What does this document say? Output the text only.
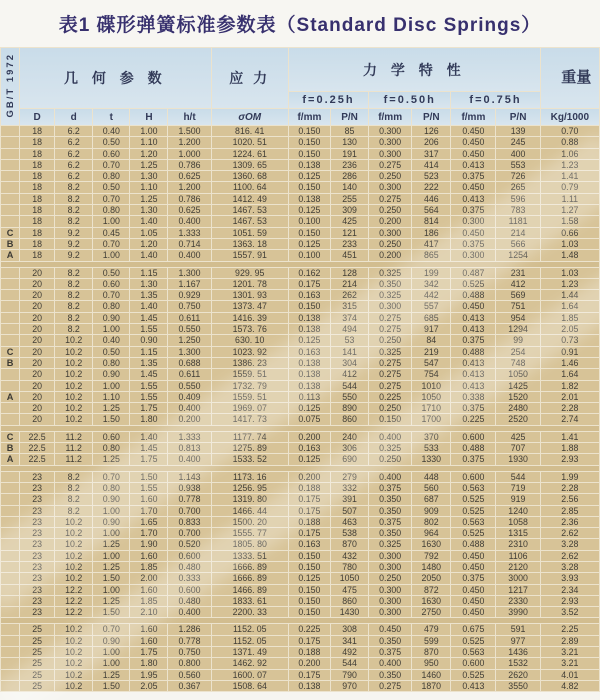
表1 碟形弹簧标准参数表（Standard Disc Springs）
GB/T 1972	几 何 参 数					应 力	力 学 特 性						重量
							f=0.25h		f=0.50h		f=0.75h		
	D	d	t	H	h/t	σOM	f/mm	P/N	f/mm	P/N	f/mm	P/N	Kg/1000
	18	6.2	0.40	1.00	1.500	816. 41	0.150	85	0.300	126	0.450	139	0.70
	18	6.2	0.50	1.10	1.200	1020. 51	0.150	130	0.300	206	0.450	245	0.88
	18	6.2	0.60	1.20	1.000	1224. 61	0.150	191	0.300	317	0.450	400	1.06
	18	6.2	0.70	1.25	0.786	1309. 65	0.138	236	0.275	414	0.413	553	1.23
	18	6.2	0.80	1.30	0.625	1360. 68	0.125	286	0.250	523	0.375	726	1.41
	18	8.2	0.50	1.10	1.200	1100. 64	0.150	140	0.300	222	0.450	265	0.79
	18	8.2	0.70	1.25	0.786	1412. 49	0.138	255	0.275	446	0.413	596	1.11
	18	8.2	0.80	1.30	0.625	1467. 53	0.125	309	0.250	564	0.375	783	1.27
	18	8.2	1.00	1.40	0.400	1467. 53	0.100	425	0.200	814	0.300	1181	1.58
C	18	9.2	0.45	1.05	1.333	1051. 59	0.150	121	0.300	186	0.450	214	0.66
B	18	9.2	0.70	1.20	0.714	1363. 18	0.125	233	0.250	417	0.375	566	1.03
A	18	9.2	1.00	1.40	0.400	1557. 91	0.100	451	0.200	865	0.300	1254	1.48

	20	8.2	0.50	1.15	1.300	929. 95	0.162	128	0.325	199	0.487	231	1.03
	20	8.2	0.60	1.30	1.167	1201. 78	0.175	214	0.350	342	0.525	412	1.23
	20	8.2	0.70	1.35	0.929	1301. 93	0.163	262	0.325	442	0.488	569	1.44
	20	8.2	0.80	1.40	0.750	1373. 47	0.150	315	0.300	557	0.450	751	1.64
	20	8.2	0.90	1.45	0.611	1416. 39	0.138	374	0.275	685	0.413	954	1.85
	20	8.2	1.00	1.55	0.550	1573. 76	0.138	494	0.275	917	0.413	1294	2.05
	20	10.2	0.40	0.90	1.250	630. 10	0.125	53	0.250	84	0.375	99	0.73
C	20	10.2	0.50	1.15	1.300	1023. 92	0.163	141	0.325	219	0.488	254	0.91
B	20	10.2	0.80	1.35	0.688	1386. 23	0.138	304	0.275	547	0.413	748	1.46
	20	10.2	0.90	1.45	0.611	1559. 51	0.138	412	0.275	754	0.413	1050	1.64
	20	10.2	1.00	1.55	0.550	1732. 79	0.138	544	0.275	1010	0.413	1425	1.82
A	20	10.2	1.10	1.55	0.409	1559. 51	0.113	550	0.225	1050	0.338	1520	2.01
	20	10.2	1.25	1.75	0.400	1969. 07	0.125	890	0.250	1710	0.375	2480	2.28
	20	10.2	1.50	1.80	0.200	1417. 73	0.075	860	0.150	1700	0.225	2520	2.74

C	22.5	11.2	0.60	1.40	1.333	1177. 74	0.200	240	0.400	370	0.600	425	1.41
B	22.5	11.2	0.80	1.45	0.813	1275. 89	0.163	306	0.325	533	0.488	707	1.88
A	22.5	11.2	1.25	1.75	0.400	1533. 52	0.125	690	0.250	1330	0.375	1930	2.93

	23	8.2	0.70	1.50	1.143	1173. 16	0.200	279	0.400	448	0.600	544	1.99
	23	8.2	0.80	1.55	0.938	1256. 95	0.188	332	0.375	560	0.563	719	2.28
	23	8.2	0.90	1.60	0.778	1319. 80	0.175	391	0.350	687	0.525	919	2.56
	23	8.2	1.00	1.70	0.700	1466. 44	0.175	507	0.350	909	0.525	1240	2.85
	23	10.2	0.90	1.65	0.833	1500. 20	0.188	463	0.375	802	0.563	1058	2.36
	23	10.2	1.00	1.70	0.700	1555. 77	0.175	538	0.350	964	0.525	1315	2.62
	23	10.2	1.25	1.90	0.520	1805. 80	0.163	870	0.325	1630	0.488	2310	3.28
	23	10.2	1.00	1.60	0.600	1333. 51	0.150	432	0.300	792	0.450	1106	2.62
	23	10.2	1.25	1.85	0.480	1666. 89	0.150	780	0.300	1480	0.450	2120	3.28
	23	10.2	1.50	2.00	0.333	1666. 89	0.125	1050	0.250	2050	0.375	3000	3.93
	23	12.2	1.00	1.60	0.600	1466. 89	0.150	475	0.300	872	0.450	1217	2.34
	23	12.2	1.25	1.85	0.480	1833. 61	0.150	860	0.300	1630	0.450	2330	2.93
	23	12.2	1.50	2.10	0.400	2200. 33	0.150	1430	0.300	2750	0.450	3990	3.52

	25	10.2	0.70	1.60	1.286	1152. 05	0.225	308	0.450	479	0.675	591	2.25
	25	10.2	0.90	1.60	0.778	1152. 05	0.175	341	0.350	599	0.525	977	2.89
	25	10.2	1.00	1.75	0.750	1371. 49	0.188	492	0.375	870	0.563	1436	3.21
	25	10.2	1.00	1.80	0.800	1462. 92	0.200	544	0.400	950	0.600	1532	3.21
	25	10.2	1.25	1.95	0.560	1600. 07	0.175	790	0.350	1460	0.525	2620	4.01
	25	10.2	1.50	2.05	0.367	1508. 64	0.138	970	0.275	1870	0.413	3550	4.82
